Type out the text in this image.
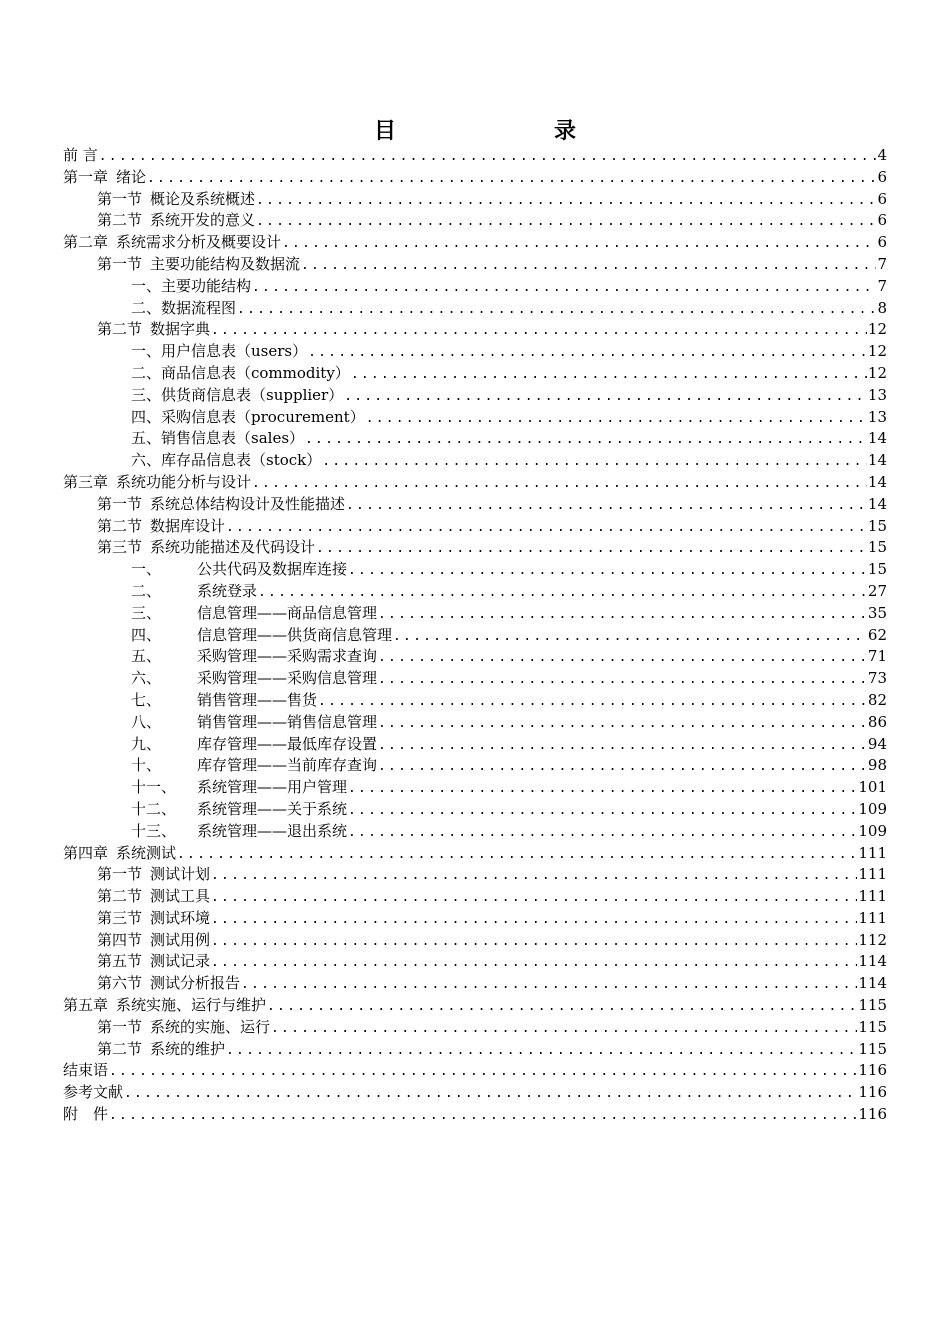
目　　录
前 言 .....	4
第一章 绪论 .....	6
第一节 概论及系统概述 .....	6
第二节 系统开发的意义 .....	6
第二章 系统需求分析及概要设计 .....	6
第一节 主要功能结构及数据流 .....	7
一、主要功能结构 .....	7
二、数据流程图 .....	8
第二节 数据字典 .....	12
一、用户信息表（users） .....	12
二、商品信息表（commodity） .....	12
三、供货商信息表（supplier） .....	13
四、采购信息表（procurement） .....	13
五、销售信息表（sales） .....	14
六、库存品信息表（stock） .....	14
第三章 系统功能分析与设计 .....	14
第一节 系统总体结构设计及性能描述 .....	14
第二节 数据库设计 .....	15
第三节 系统功能描述及代码设计 .....	15
一、 公共代码及数据库连接 .....	15
二、 系统登录 .....	27
三、 信息管理——商品信息管理 .....	35
四、 信息管理——供货商信息管理 .....	62
五、 采购管理——采购需求查询 .....	71
六、 采购管理——采购信息管理 .....	73
七、 销售管理——售货 .....	82
八、 销售管理——销售信息管理 .....	86
九、 库存管理——最低库存设置 .....	94
十、 库存管理——当前库存查询 .....	98
十一、 系统管理——用户管理 .....	101
十二、 系统管理——关于系统 .....	109
十三、 系统管理——退出系统 .....	109
第四章 系统测试 .....	111
第一节 测试计划 .....	111
第二节 测试工具 .....	111
第三节 测试环境 .....	111
第四节 测试用例 .....	112
第五节 测试记录 .....	114
第六节 测试分析报告 .....	114
第五章 系统实施、运行与维护 .....	115
第一节 系统的实施、运行 .....	115
第二节 系统的维护 .....	115
结束语 .....	116
参考文献 .....	116
附　件 .....	116
